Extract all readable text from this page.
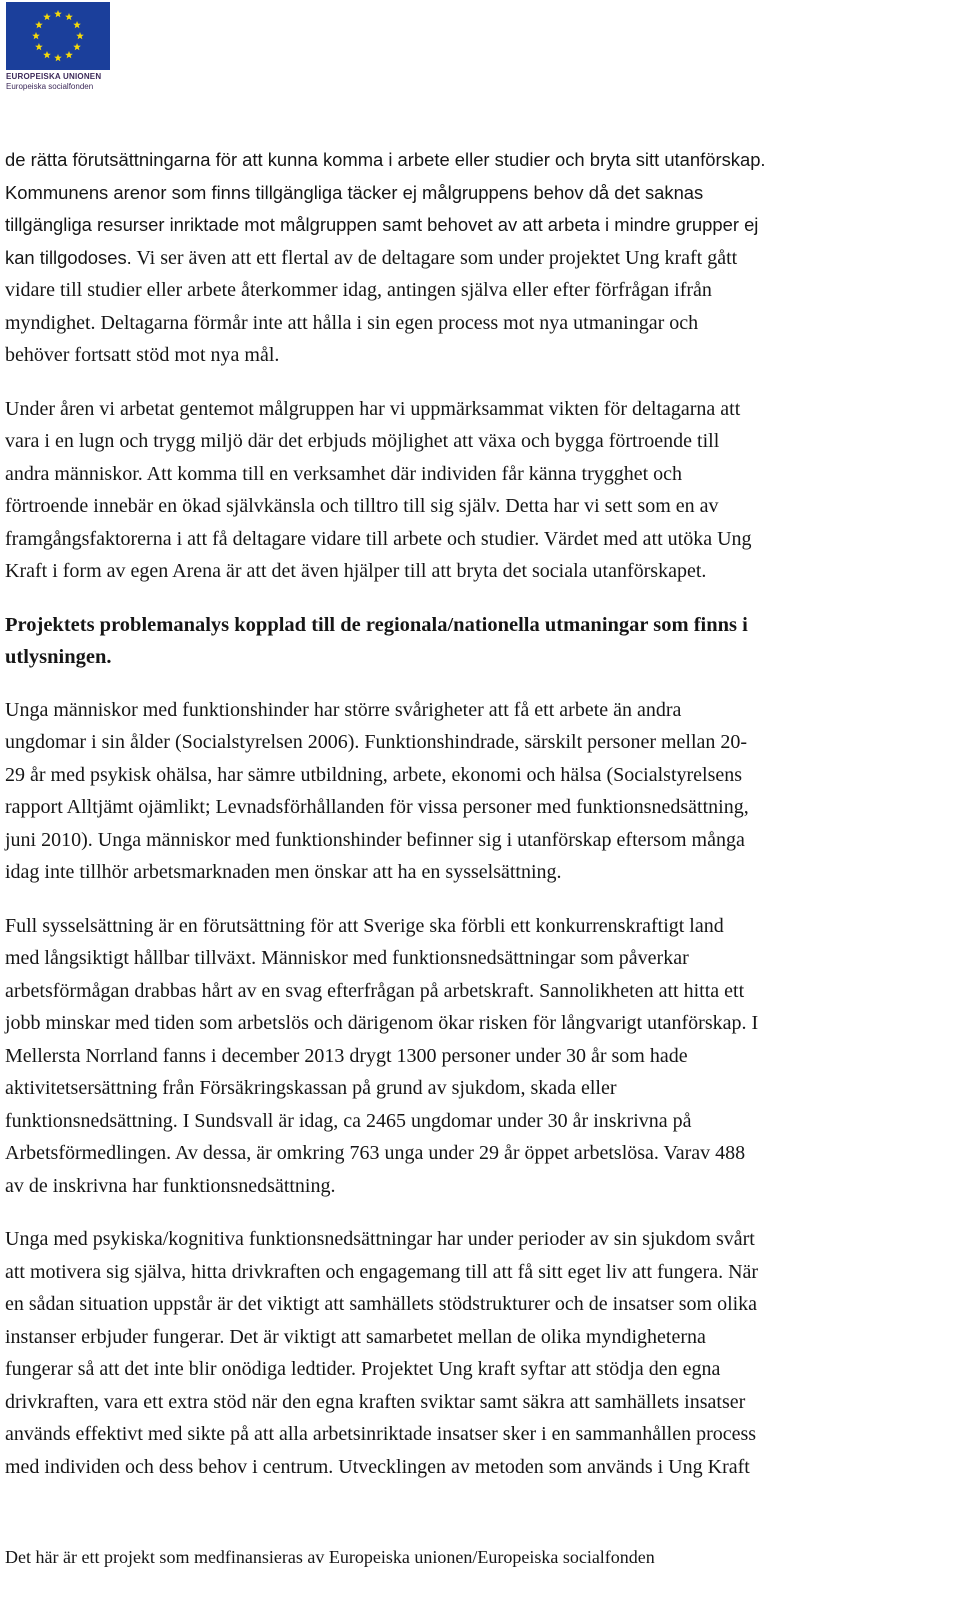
EUROPEISKA UNIONEN
Europeiska socialfonden

de rätta förutsättningarna för att kunna komma i arbete eller studier och bryta sitt utanförskap.
Kommunens arenor som finns tillgängliga täcker ej målgruppens behov då det saknas
tillgängliga resurser inriktade mot målgruppen samt behovet av att arbeta i mindre grupper ej
kan tillgodoses. Vi ser även att ett flertal av de deltagare som under projektet Ung kraft gått
vidare till studier eller arbete återkommer idag, antingen själva eller efter förfrågan ifrån
myndighet. Deltagarna förmår inte att hålla i sin egen process mot nya utmaningar och
behöver fortsatt stöd mot nya mål.

Under åren vi arbetat gentemot målgruppen har vi uppmärksammat vikten för deltagarna att
vara i en lugn och trygg miljö där det erbjuds möjlighet att växa och bygga förtroende till
andra människor. Att komma till en verksamhet där individen får känna trygghet och
förtroende innebär en ökad självkänsla och tilltro till sig själv. Detta har vi sett som en av
framgångsfaktorerna i att få deltagare vidare till arbete och studier. Värdet med att utöka Ung
Kraft i form av egen Arena är att det även hjälper till att bryta det sociala utanförskapet.

Projektets problemanalys kopplad till de regionala/nationella utmaningar som finns i
utlysningen.

Unga människor med funktionshinder har större svårigheter att få ett arbete än andra
ungdomar i sin ålder (Socialstyrelsen 2006). Funktionshindrade, särskilt personer mellan 20-
29 år med psykisk ohälsa, har sämre utbildning, arbete, ekonomi och hälsa (Socialstyrelsens
rapport Alltjämt ojämlikt; Levnadsförhållanden för vissa personer med funktionsnedsättning,
juni 2010). Unga människor med funktionshinder befinner sig i utanförskap eftersom många
idag inte tillhör arbetsmarknaden men önskar att ha en sysselsättning.

Full sysselsättning är en förutsättning för att Sverige ska förbli ett konkurrenskraftigt land
med långsiktigt hållbar tillväxt. Människor med funktionsnedsättningar som påverkar
arbetsförmågan drabbas hårt av en svag efterfrågan på arbetskraft. Sannolikheten att hitta ett
jobb minskar med tiden som arbetslös och därigenom ökar risken för långvarigt utanförskap. I
Mellersta Norrland fanns i december 2013 drygt 1300 personer under 30 år som hade
aktivitetsersättning från Försäkringskassan på grund av sjukdom, skada eller
funktionsnedsättning. I Sundsvall är idag, ca 2465 ungdomar under 30 år inskrivna på
Arbetsförmedlingen. Av dessa, är omkring 763 unga under 29 år öppet arbetslösa. Varav 488
av de inskrivna har funktionsnedsättning.

Unga med psykiska/kognitiva funktionsnedsättningar har under perioder av sin sjukdom svårt
att motivera sig själva, hitta drivkraften och engagemang till att få sitt eget liv att fungera. När
en sådan situation uppstår är det viktigt att samhällets stödstrukturer och de insatser som olika
instanser erbjuder fungerar. Det är viktigt att samarbetet mellan de olika myndigheterna
fungerar så att det inte blir onödiga ledtider. Projektet Ung kraft syftar att stödja den egna
drivkraften, vara ett extra stöd när den egna kraften sviktar samt säkra att samhällets insatser
används effektivt med sikte på att alla arbetsinriktade insatser sker i en sammanhållen process
med individen och dess behov i centrum. Utvecklingen av metoden som används i Ung Kraft

Det här är ett projekt som medfinansieras av Europeiska unionen/Europeiska socialfonden
